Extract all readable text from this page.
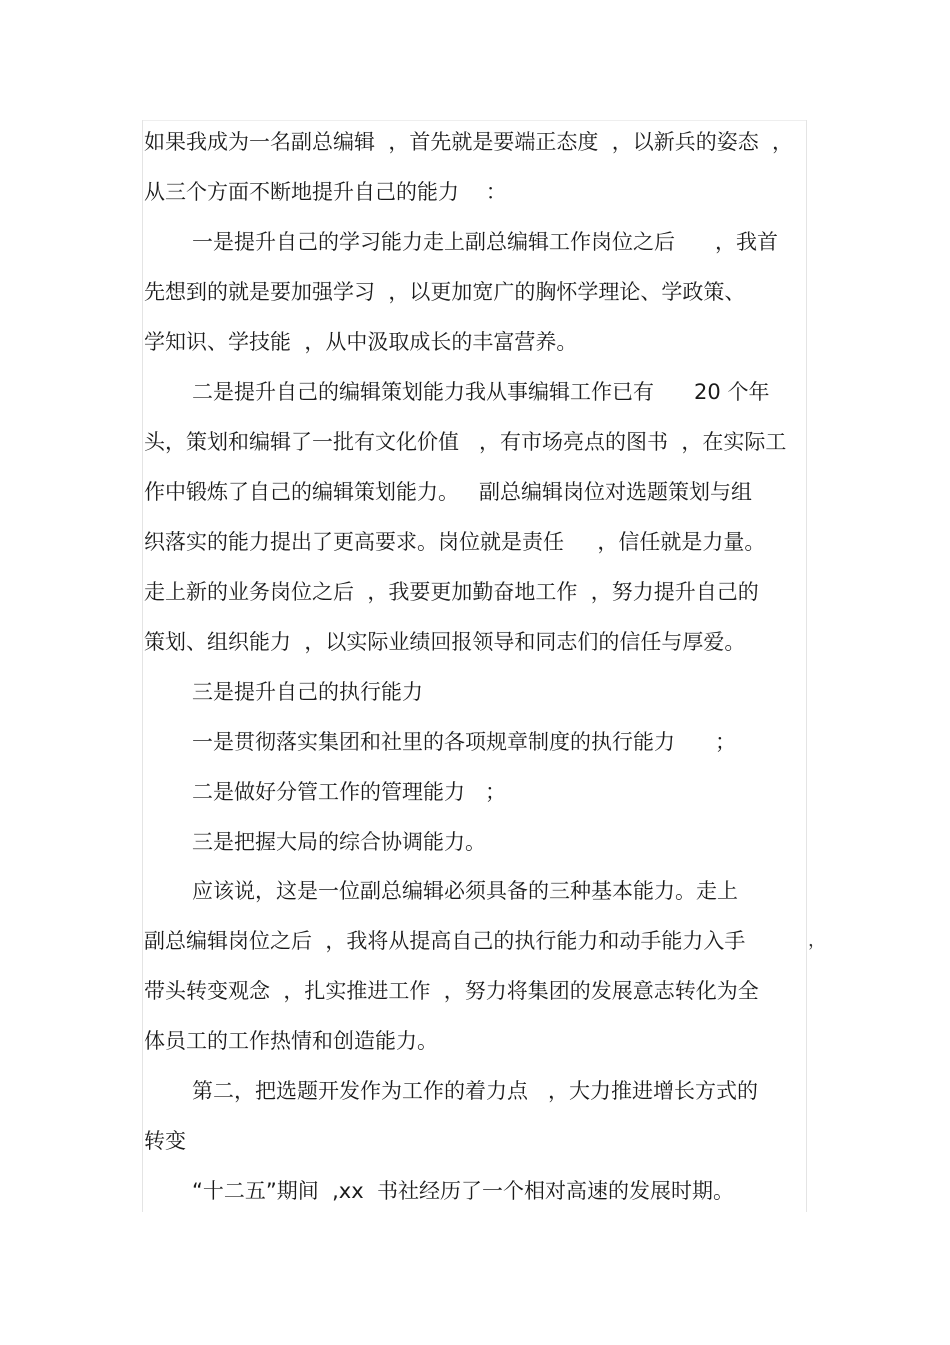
如果我成为一名副总编辑  ，首先就是要端正态度  ，以新兵的姿态  ，
从三个方面不断地提升自己的能力    ：
一是提升自己的学习能力走上副总编辑工作岗位之后      ，我首
先想到的就是要加强学习  ，以更加宽广的胸怀学理论、学政策、
学知识、学技能  ，从中汲取成长的丰富营养。
二是提升自己的编辑策划能力我从事编辑工作已有      20 个年
头，策划和编辑了一批有文化价值   ，有市场亮点的图书  ，在实际工
作中锻炼了自己的编辑策划能力。   副总编辑岗位对选题策划与组
织落实的能力提出了更高要求。岗位就是责任     ，信任就是力量。
走上新的业务岗位之后  ，我要更加勤奋地工作  ，努力提升自己的
策划、组织能力  ，以实际业绩回报领导和同志们的信任与厚爱。
三是提升自己的执行能力
一是贯彻落实集团和社里的各项规章制度的执行能力      ；
二是做好分管工作的管理能力   ；
三是把握大局的综合协调能力。
应该说，这是一位副总编辑必须具备的三种基本能力。走上
副总编辑岗位之后  ，我将从提高自己的执行能力和动手能力入手
带头转变观念  ，扎实推进工作  ，努力将集团的发展意志转化为全
体员工的工作热情和创造能力。
第二，把选题开发作为工作的着力点   ，大力推进增长方式的
转变
“十二五”期间  ,xx  书社经历了一个相对高速的发展时期。
，
